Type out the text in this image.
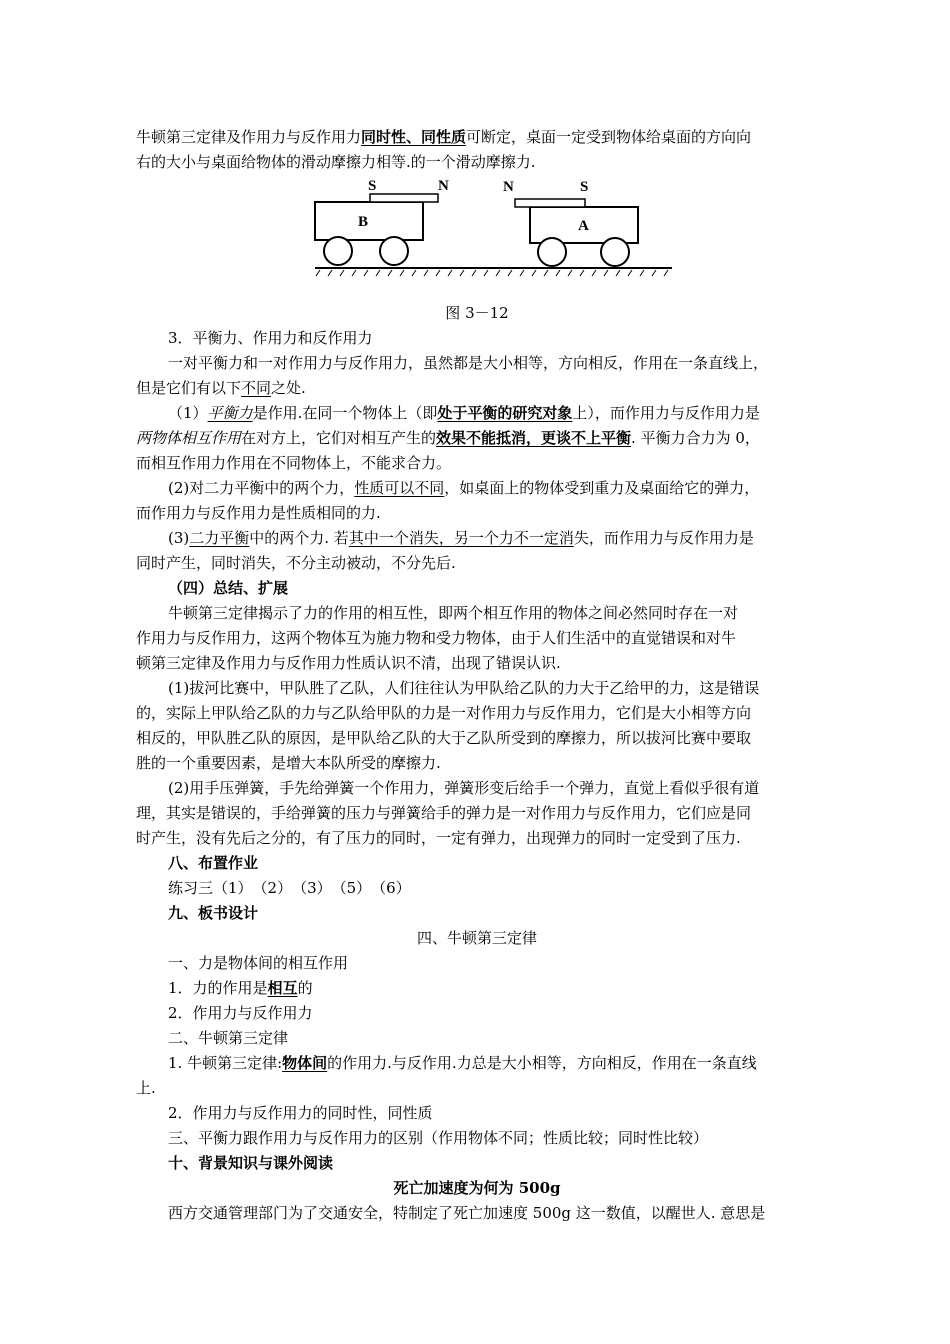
牛顿第三定律及作用力与反作用力同时性、同性质可断定，桌面一定受到物体给桌面的方向向

右的大小与桌面给物体的滑动摩擦力相等.的一个滑动摩擦力.

B
S	N
A
N	S

图 3－12

3．平衡力、作用力和反作用力

一对平衡力和一对作用力与反作用力，虽然都是大小相等，方向相反，作用在一条直线上，

但是它们有以下不同之处.

（1）平衡力是作用.在同一个物体上（即处于平衡的研究对象上），而作用力与反作用力是

两物体相互作用在对方上，它们对相互产生的效果不能抵消，更谈不上平衡. 平衡力合力为 0，

而相互作用力作用在不同物体上，不能求合力。

(2)对二力平衡中的两个力，性质可以不同，如桌面上的物体受到重力及桌面给它的弹力，

而作用力与反作用力是性质相同的力.

(3)二力平衡中的两个力. 若其中一个消失，另一个力不一定消失，而作用力与反作用力是

同时产生，同时消失，不分主动被动，不分先后.

（四）总结、扩展

牛顿第三定律揭示了力的作用的相互性，即两个相互作用的物体之间必然同时存在一对

作用力与反作用力，这两个物体互为施力物和受力物体，由于人们生活中的直觉错误和对牛

顿第三定律及作用力与反作用力性质认识不清，出现了错误认识.

(1)拔河比赛中，甲队胜了乙队，人们往往认为甲队给乙队的力大于乙给甲的力，这是错误

的，实际上甲队给乙队的力与乙队给甲队的力是一对作用力与反作用力，它们是大小相等方向

相反的，甲队胜乙队的原因，是甲队给乙队的大于乙队所受到的摩擦力，所以拔河比赛中要取

胜的一个重要因素，是增大本队所受的摩擦力.

(2)用手压弹簧，手先给弹簧一个作用力，弹簧形变后给手一个弹力，直觉上看似乎很有道

理，其实是错误的，手给弹簧的压力与弹簧给手的弹力是一对作用力与反作用力，它们应是同

时产生，没有先后之分的，有了压力的同时，一定有弹力，出现弹力的同时一定受到了压力.

八、布置作业

练习三（1）　（2）　（3）　（5）　（6）

九、板书设计

四、牛顿第三定律

一、力是物体间的相互作用

1．力的作用是相互的

2．作用力与反作用力

二、牛顿第三定律

1. 牛顿第三定律:物体间的作用力.与反作用.力总是大小相等，方向相反，作用在一条直线

上.

2．作用力与反作用力的同时性，同性质

三、平衡力跟作用力与反作用力的区别（作用物体不同；性质比较；同时性比较）

十、背景知识与课外阅读

死亡加速度为何为 500g

西方交通管理部门为了交通安全，特制定了死亡加速度 500g 这一数值，以醒世人. 意思是
